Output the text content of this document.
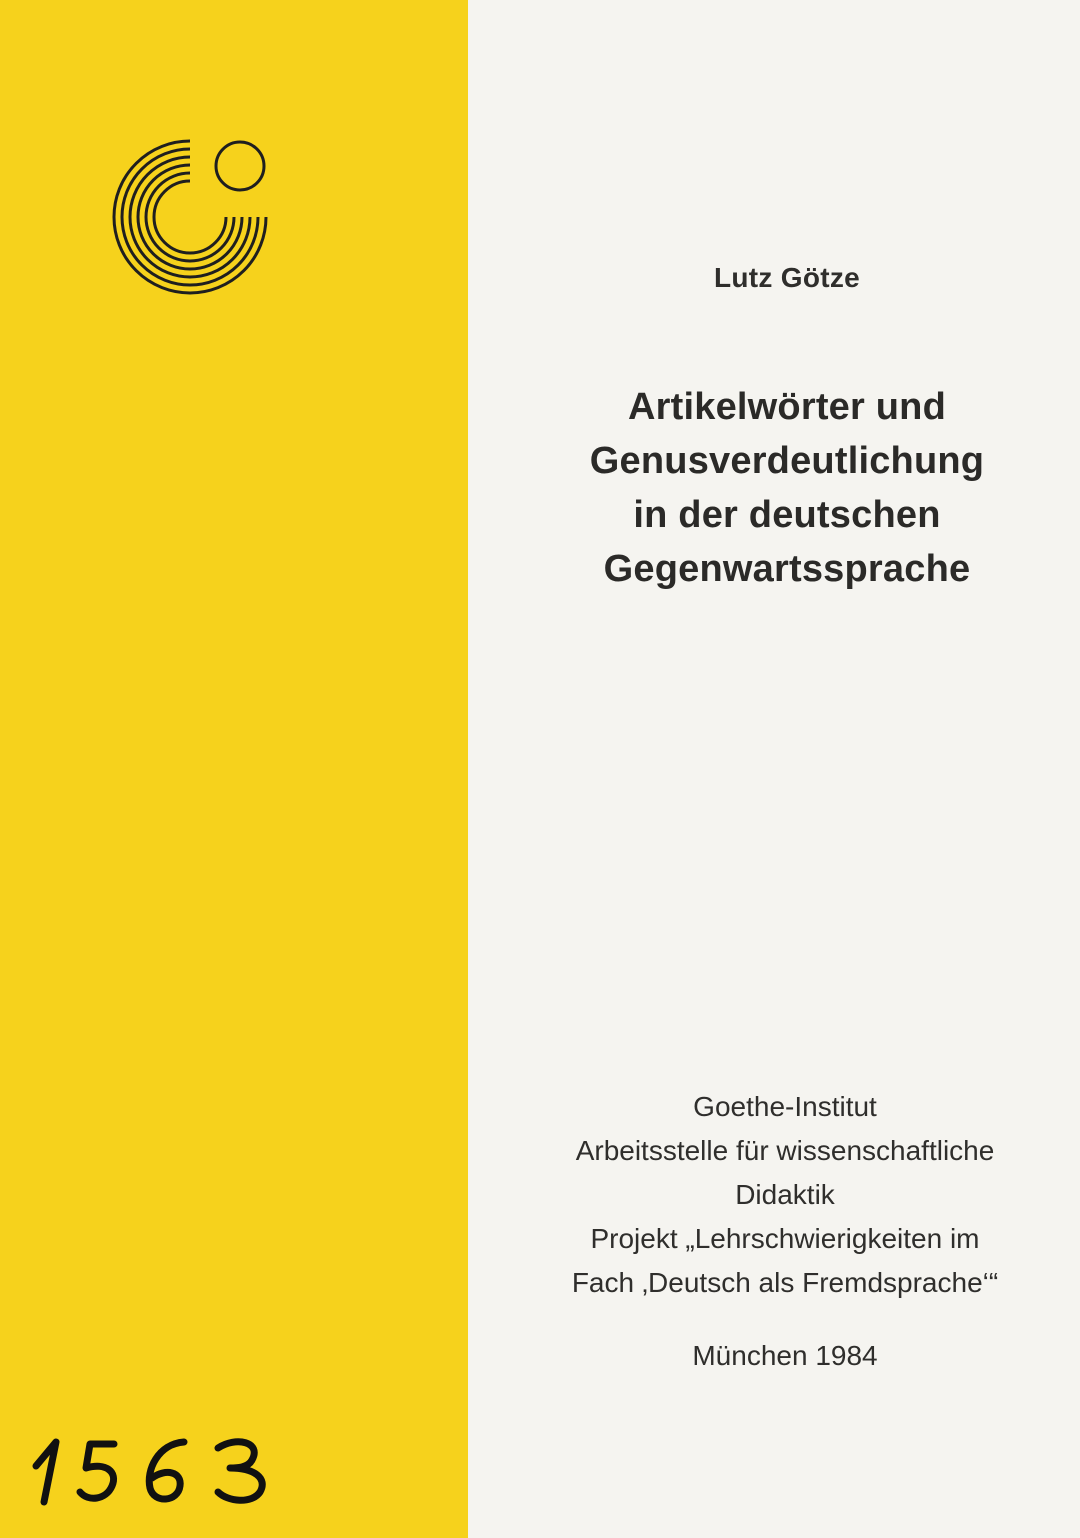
Lutz Götze
Artikelwörter und
Genusverdeutlichung
in der deutschen
Gegenwartssprache
Goethe-Institut
Arbeitsstelle für wissenschaftliche
Didaktik
Projekt „Lehrschwierigkeiten im
Fach ‚Deutsch als Fremdsprache‘“
München 1984
